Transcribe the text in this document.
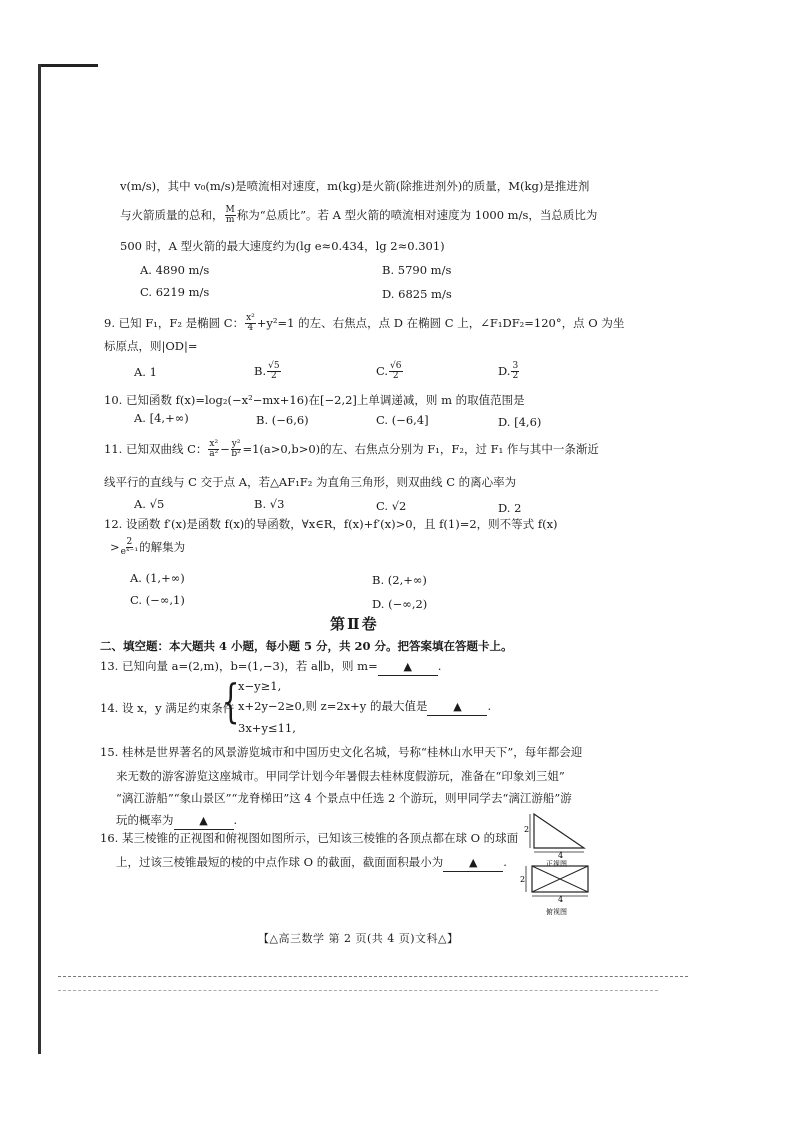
v(m/s)，其中 v₀(m/s)是喷流相对速度，m(kg)是火箭(除推进剂外)的质量，M(kg)是推进剂
与火箭质量的总和， $\frac{M}{m}$ 称为“总质比”。若 A 型火箭的喷流相对速度为 1000 m/s，当总质比为
500 时，A 型火箭的最大速度约为(lg e≈0.434，lg 2≈0.301)
A. 4890 m/s	B. 5790 m/s
C. 6219 m/s	D. 6825 m/s
9. 已知 F₁，F₂ 是椭圆 C： $\frac{\text{x²}}{4} +y^2=1$ 的左、右焦点，点 D 在椭圆 C 上，∠F₁DF₂=120°，点 O 为坐
标原点，则|OD|=
A. 1	B. $\frac{√5}{2}$	C. $\frac{√6}{2}$	D. $\frac{3}{2}$
10. 已知函数 f(x)=log₂(−x²−mx+16)在[−2,2]上单调递减，则 m 的取值范围是
A. [4,+∞)	B. (−6,6)	C. (−6,4]	D. [4,6)
11. 已知双曲线 C： $\frac{\text{x²}}{\text{a²}} - \frac{\text{y²}}{\text{b²}} =1(a>0,b>0)$的左、右焦点分别为 F₁，F₂，过 F₁ 作与其中一条渐近
线平行的直线与 C 交于点 A，若△AF₁F₂ 为直角三角形，则双曲线 C 的离心率为
A. √5	B. √3	C. √2	D. 2
12. 设函数 f′(x)是函数 f(x)的导函数，∀x∈R，f(x)+f′(x)>0，且 f(1)=2，则不等式 f(x)
> $\frac{2}{\text{eˣ⁻¹}}$ 的解集为
A. (1,+∞)	B. (2,+∞)
C. (−∞,1)	D. (−∞,2)
第Ⅱ卷
二、填空题：本大题共 4 小题，每小题 5 分，共 20 分。把答案填在答题卡上。
13. 已知向量 a=(2,m)，b=(1,−3)，若 a∥b，则 m= ▲ .
14. 设 x，y 满足约束条件
{
x−y≥1,
x+2y−2≥0,则 z=2x+y 的最大值是 ▲ .
3x+y≤11,
15. 桂林是世界著名的风景游览城市和中国历史文化名城，号称“桂林山水甲天下”，每年都会迎
来无数的游客游览这座城市。甲同学计划今年暑假去桂林度假游玩，准备在“印象刘三姐”
“漓江游船”“象山景区”“龙脊梯田”这 4 个景点中任选 2 个游玩，则甲同学去“漓江游船”游
玩的概率为 ▲ .
16. 某三棱锥的正视图和俯视图如图所示，已知该三棱锥的各顶点都在球 O 的球面
上，过该三棱锥最短的棱的中点作球 O 的截面，截面面积最小为 ▲ .
2
4
正视图
2
4
俯视图
【△高三数学 第 2 页(共 4 页)文科△】
